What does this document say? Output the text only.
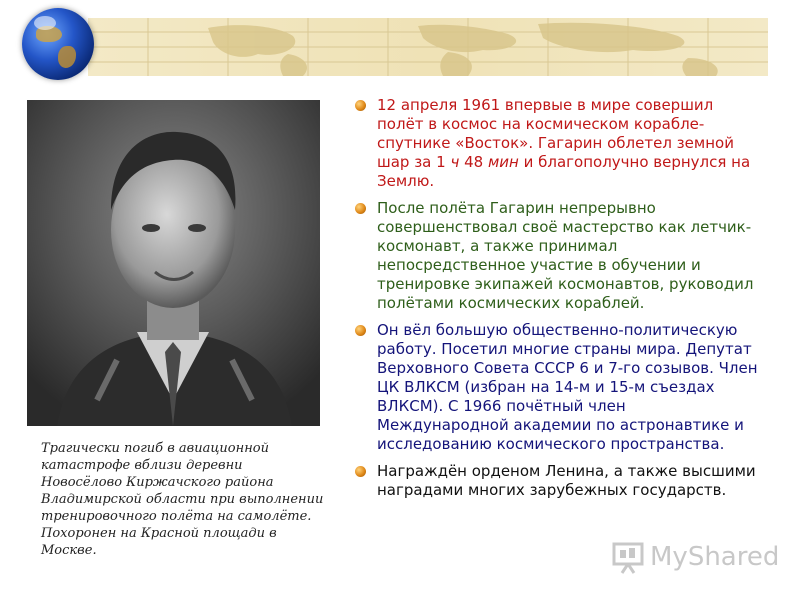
Трагически погиб в авиационной катастрофе вблизи деревни Новосёлово Киржачского района Владимирской области при выполнении тренировочного полёта на самолёте. Похоронен на Красной площади в Москве.

12 апреля 1961 впервые в мире совершил полёт в космос на космическом корабле-спутнике «Восток». Гагарин облетел земной шар за 1 ч 48 мин и благополучно вернулся на Землю.
После полёта Гагарин непрерывно совершенствовал своё мастерство как летчик-космонавт, а также принимал непосредственное участие в обучении и тренировке экипажей космонавтов, руководил полётами космических кораблей.
Он вёл большую общественно-политическую работу. Посетил многие страны мира. Депутат Верховного Совета СССР 6 и 7-го созывов. Член ЦК ВЛКСМ (избран на 14-м и 15-м съездах ВЛКСМ). С 1966 почётный член Международной академии по астронавтике и исследованию космического пространства.
Награждён орденом Ленина, а также высшими наградами многих зарубежных государств.
MyShared
